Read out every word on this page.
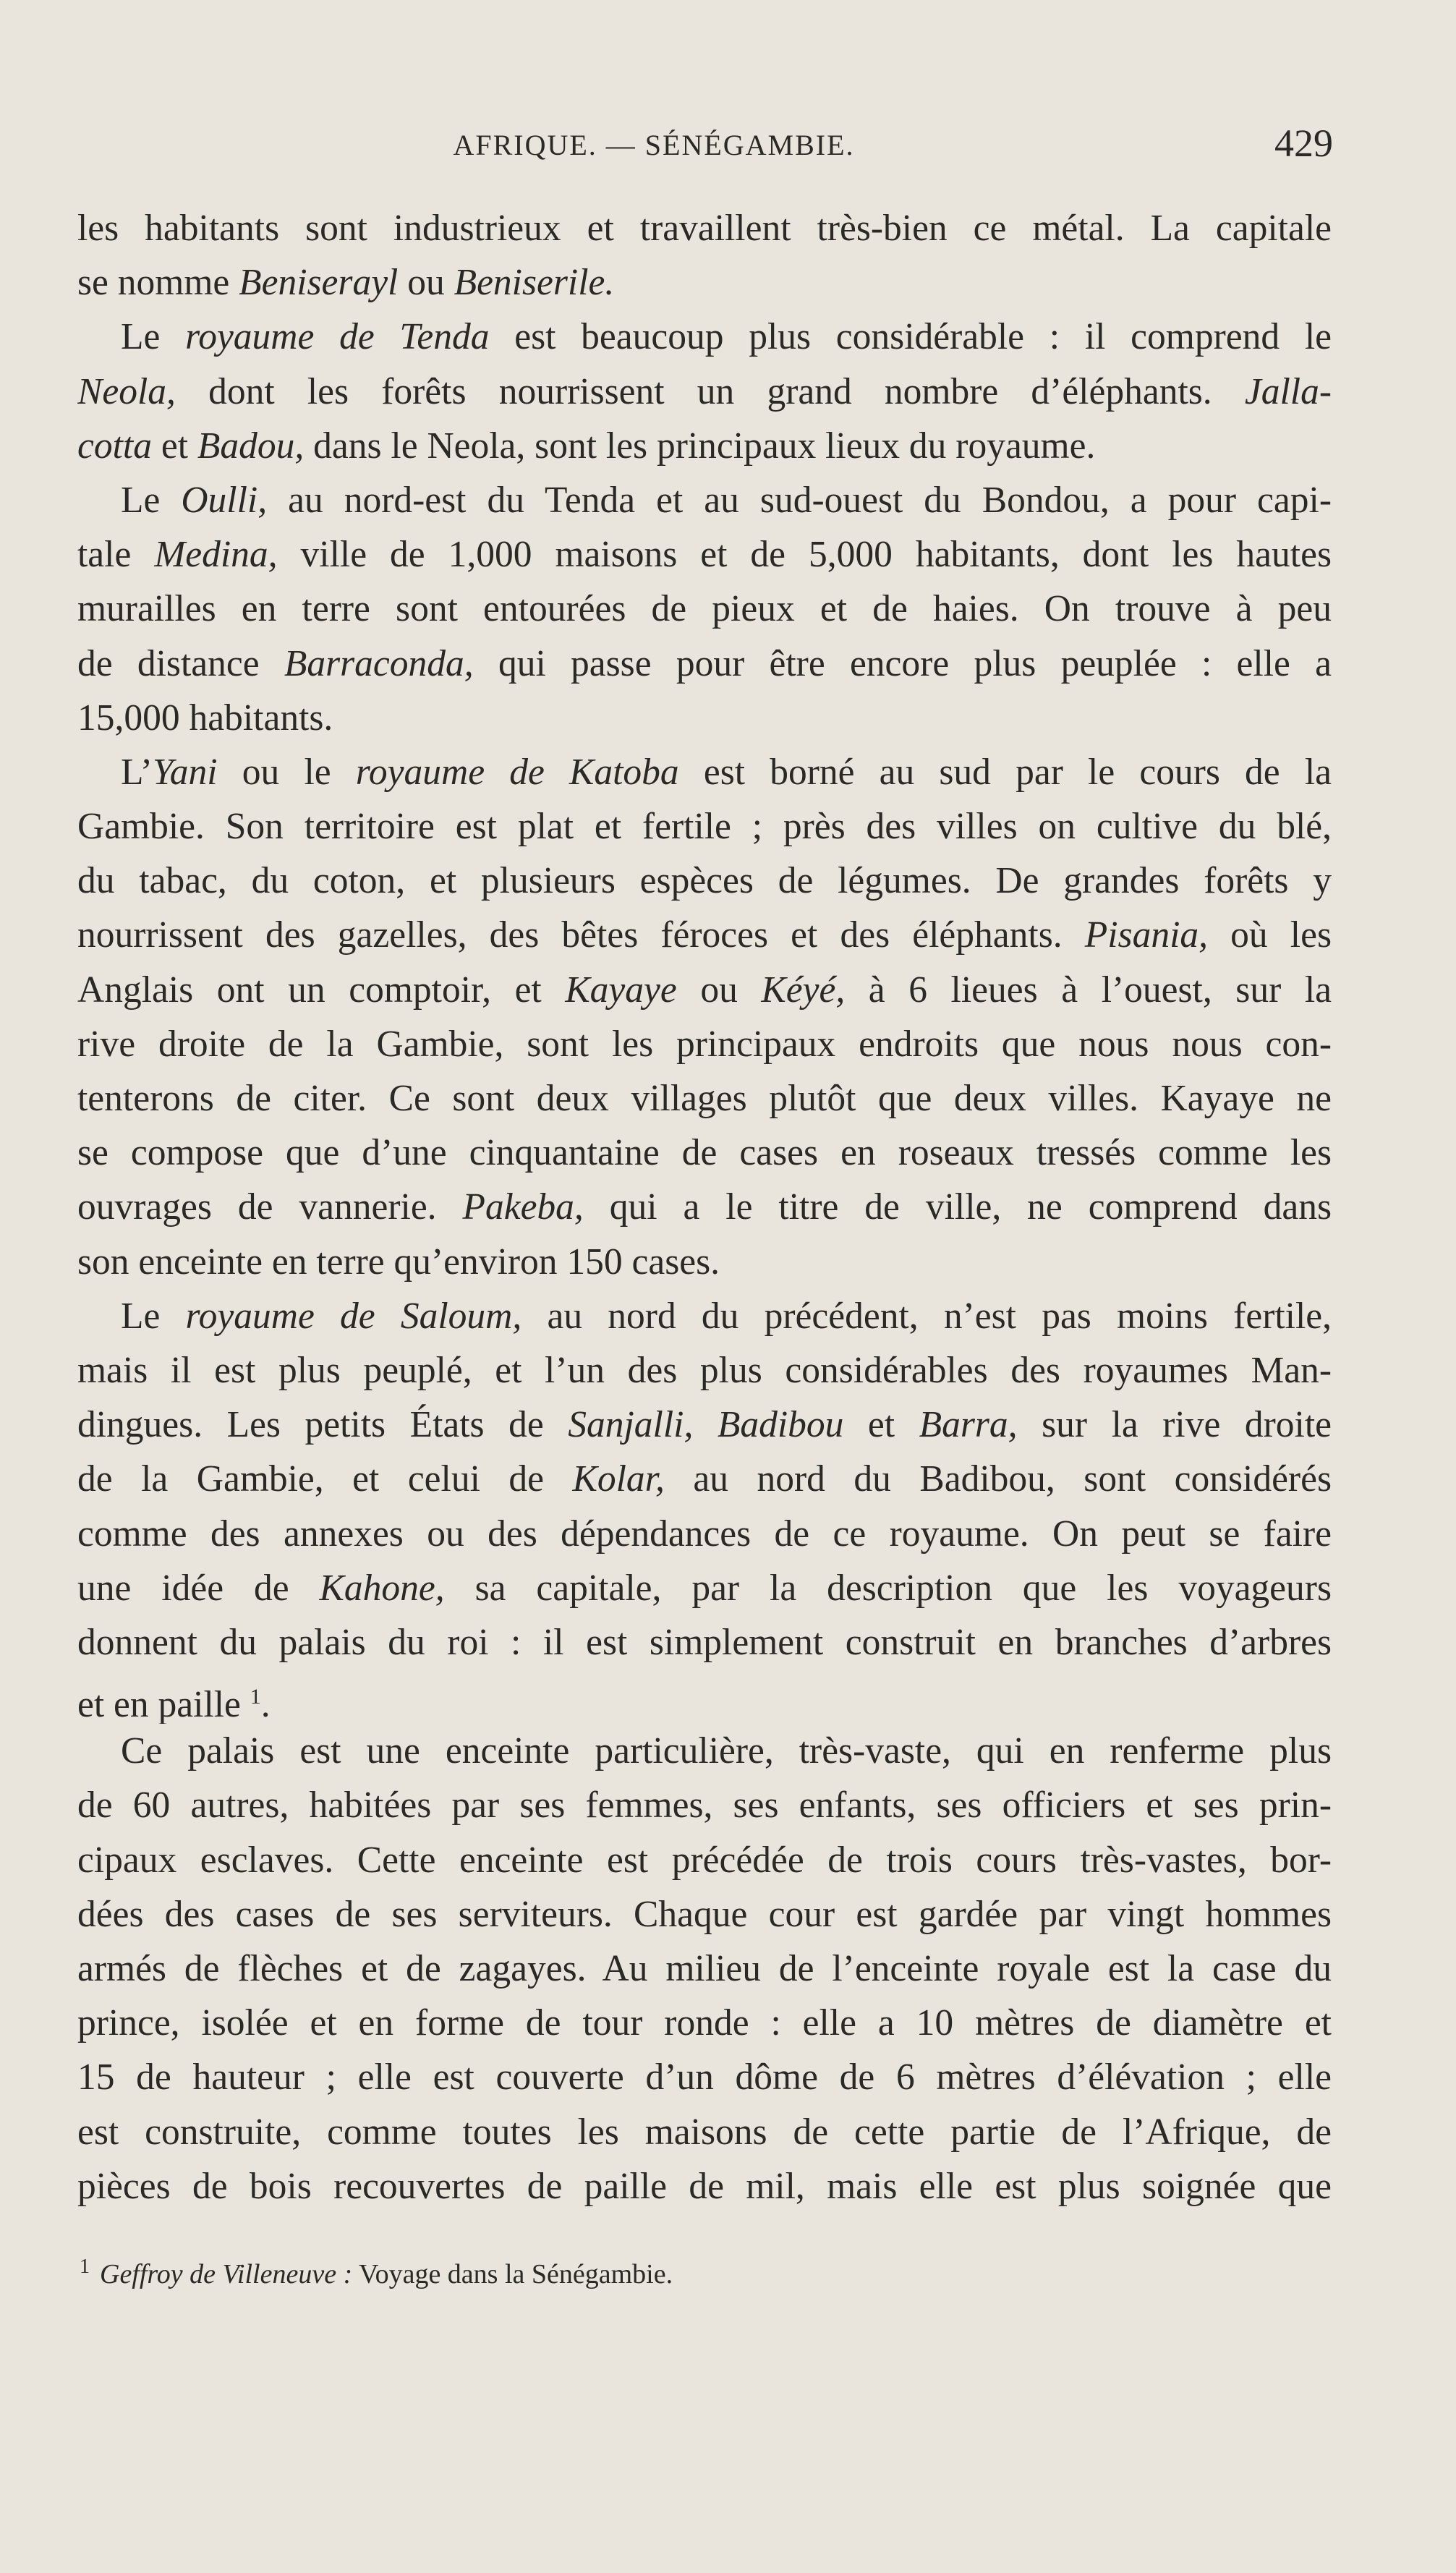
AFRIQUE. — SÉNÉGAMBIE.	429
les habitants sont industrieux et travaillent très-bien ce métal. La capitale
se nomme Beniserayl ou Beniserile.
Le royaume de Tenda est beaucoup plus considérable : il comprend le
Neola, dont les forêts nourrissent un grand nombre d’éléphants. Jalla-
cotta et Badou, dans le Neola, sont les principaux lieux du royaume.
Le Oulli, au nord-est du Tenda et au sud-ouest du Bondou, a pour capi-
tale Medina, ville de 1,000 maisons et de 5,000 habitants, dont les hautes
murailles en terre sont entourées de pieux et de haies. On trouve à peu
de distance Barraconda, qui passe pour être encore plus peuplée : elle a
15,000 habitants.
L’Yani ou le royaume de Katoba est borné au sud par le cours de la
Gambie. Son territoire est plat et fertile ; près des villes on cultive du blé,
du tabac, du coton, et plusieurs espèces de légumes. De grandes forêts y
nourrissent des gazelles, des bêtes féroces et des éléphants. Pisania, où les
Anglais ont un comptoir, et Kayaye ou Kéyé, à 6 lieues à l’ouest, sur la
rive droite de la Gambie, sont les principaux endroits que nous nous con-
tenterons de citer. Ce sont deux villages plutôt que deux villes. Kayaye ne
se compose que d’une cinquantaine de cases en roseaux tressés comme les
ouvrages de vannerie. Pakeba, qui a le titre de ville, ne comprend dans
son enceinte en terre qu’environ 150 cases.
Le royaume de Saloum, au nord du précédent, n’est pas moins fertile,
mais il est plus peuplé, et l’un des plus considérables des royaumes Man-
dingues. Les petits États de Sanjalli, Badibou et Barra, sur la rive droite
de la Gambie, et celui de Kolar, au nord du Badibou, sont considérés
comme des annexes ou des dépendances de ce royaume. On peut se faire
une idée de Kahone, sa capitale, par la description que les voyageurs
donnent du palais du roi : il est simplement construit en branches d’arbres
et en paille $^1$.
Ce palais est une enceinte particulière, très-vaste, qui en renferme plus
de 60 autres, habitées par ses femmes, ses enfants, ses officiers et ses prin-
cipaux esclaves. Cette enceinte est précédée de trois cours très-vastes, bor-
dées des cases de ses serviteurs. Chaque cour est gardée par vingt hommes
armés de flèches et de zagayes. Au milieu de l’enceinte royale est la case du
prince, isolée et en forme de tour ronde : elle a 10 mètres de diamètre et
15 de hauteur ; elle est couverte d’un dôme de 6 mètres d’élévation ; elle
est construite, comme toutes les maisons de cette partie de l’Afrique, de
pièces de bois recouvertes de paille de mil, mais elle est plus soignée que
$^1$ Geffroy de Villeneuve : Voyage dans la Sénégambie.
